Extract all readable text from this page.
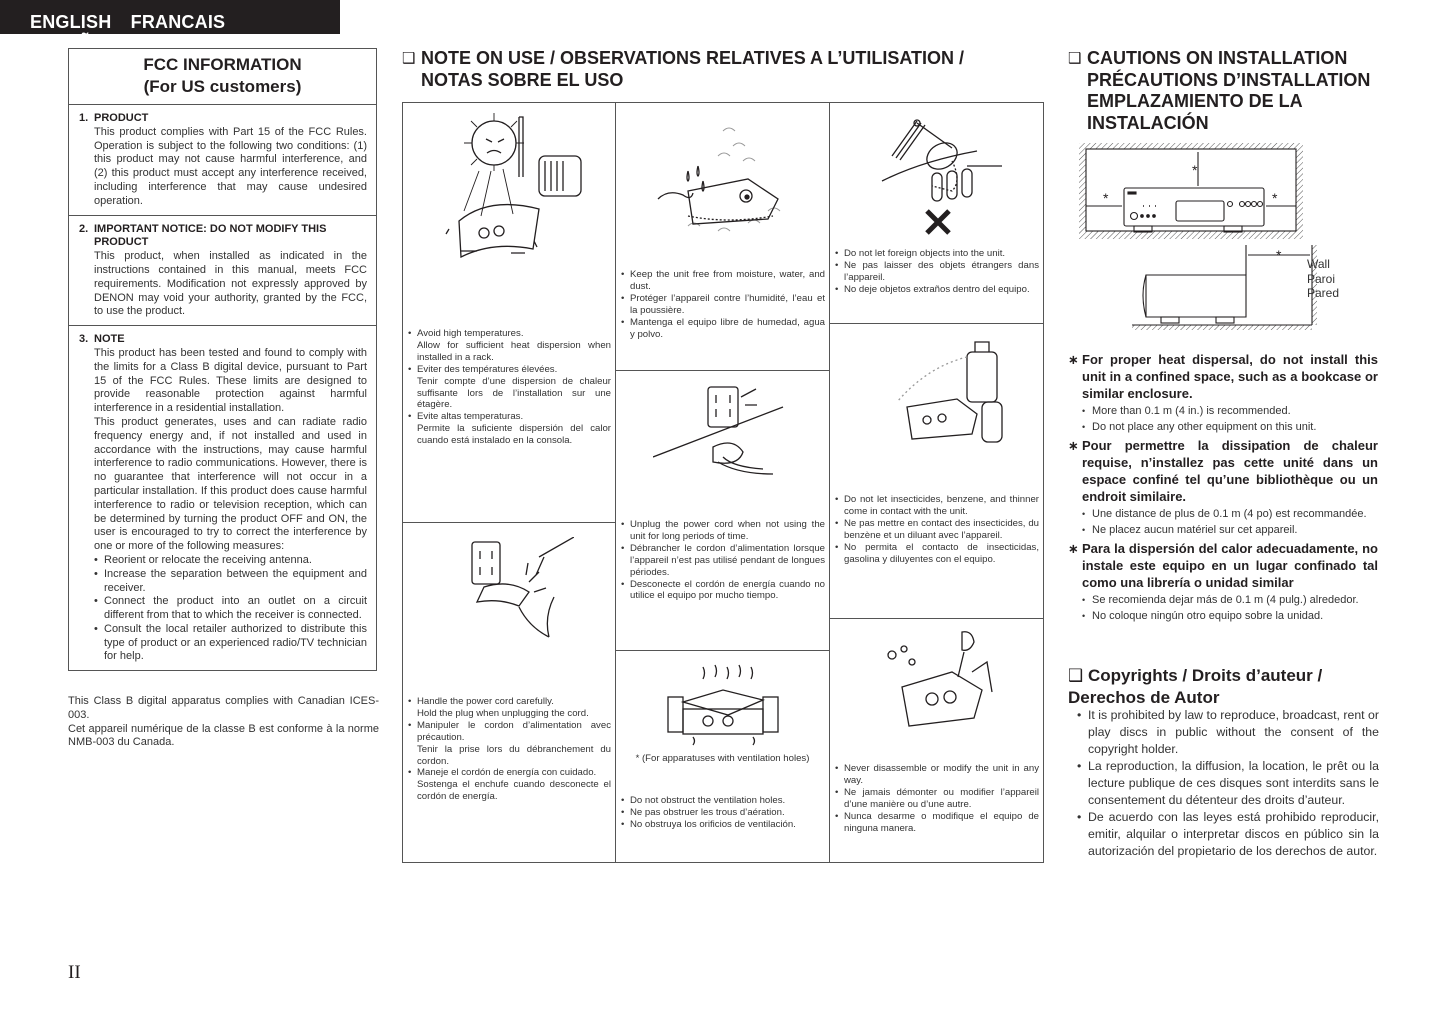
ENGLISH FRANCAIS ESPAÑOL
FCC INFORMATION
(For US customers)
1. PRODUCT
This product complies with Part 15 of the FCC Rules. Operation is subject to the following two conditions: (1) this product may not cause harmful interference, and (2) this product must accept any interference received, including interference that may cause undesired operation.
2. IMPORTANT NOTICE: DO NOT MODIFY THIS PRODUCT
This product, when installed as indicated in the instructions contained in this manual, meets FCC requirements. Modification not expressly approved by DENON may void your authority, granted by the FCC, to use the product.
3. NOTE
This product has been tested and found to comply with the limits for a Class B digital device, pursuant to Part 15 of the FCC Rules. These limits are designed to provide reasonable protection against harmful interference in a residential installation.
This product generates, uses and can radiate radio frequency energy and, if not installed and used in accordance with the instructions, may cause harmful interference to radio communications. However, there is no guarantee that interference will not occur in a particular installation. If this product does cause harmful interference to radio or television reception, which can be determined by turning the product OFF and ON, the user is encouraged to try to correct the interference by one or more of the following measures:
• Reorient or relocate the receiving antenna.
• Increase the separation between the equipment and receiver.
• Connect the product into an outlet on a circuit different from that to which the receiver is connected.
• Consult the local retailer authorized to distribute this type of product or an experienced radio/TV technician for help.
This Class B digital apparatus complies with Canadian ICES-003.
Cet appareil numérique de la classe B est conforme à la norme NMB-003 du Canada.
❑ NOTE ON USE / OBSERVATIONS RELATIVES A L’UTILISATION /
NOTAS SOBRE EL USO
• Avoid high temperatures.
Allow for sufficient heat dispersion when installed in a rack.
• Eviter des températures élevées.
Tenir compte d’une dispersion de chaleur suffisante lors de l’installation sur une étagère.
• Evite altas temperaturas.
Permite la suficiente dispersión del calor cuando está instalado en la consola.
• Handle the power cord carefully.
Hold the plug when unplugging the cord.
• Manipuler le cordon d’alimentation avec précaution.
Tenir la prise lors du débranchement du cordon.
• Maneje el cordón de energía con cuidado.
Sostenga el enchufe cuando desconecte el cordón de energía.
• Keep the unit free from moisture, water, and dust.
• Protéger l’appareil contre l’humidité, l’eau et la poussière.
• Mantenga el equipo libre de humedad, agua y polvo.
• Unplug the power cord when not using the unit for long periods of time.
• Débrancher le cordon d’alimentation lorsque l’appareil n’est pas utilisé pendant de longues périodes.
• Desconecte el cordón de energía cuando no utilice el equipo por mucho tiempo.
* (For apparatuses with ventilation holes)
• Do not obstruct the ventilation holes.
• Ne pas obstruer les trous d’aération.
• No obstruya los orificios de ventilación.
• Do not let foreign objects into the unit.
• Ne pas laisser des objets étrangers dans l’appareil.
• No deje objetos extraños dentro del equipo.
• Do not let insecticides, benzene, and thinner come in contact with the unit.
• Ne pas mettre en contact des insecticides, du benzène et un diluant avec l’appareil.
• No permita el contacto de insecticidas, gasolina y diluyentes con el equipo.
• Never disassemble or modify the unit in any way.
• Ne jamais démonter ou modifier l’appareil d’une manière ou d’une autre.
• Nunca desarme o modifique el equipo de ninguna manera.
❑ CAUTIONS ON INSTALLATION
PRÉCAUTIONS D’INSTALLATION
EMPLAZAMIENTO DE LA
INSTALACIÓN
*
*	*
*
Wall
Paroi
Pared
∗ For proper heat dispersal, do not install this unit in a confined space, such as a bookcase or similar enclosure.
• More than 0.1 m (4 in.) is recommended.
• Do not place any other equipment on this unit.
∗ Pour permettre la dissipation de chaleur requise, n’installez pas cette unité dans un espace confiné tel qu’une bibliothèque ou un endroit similaire.
• Une distance de plus de 0.1 m (4 po) est recommandée.
• Ne placez aucun matériel sur cet appareil.
∗ Para la dispersión del calor adecuadamente, no instale este equipo en un lugar confinado tal como una librería o unidad similar
• Se recomienda dejar más de 0.1 m (4 pulg.) alrededor.
• No coloque ningún otro equipo sobre la unidad.
❑ Copyrights / Droits d’auteur /
Derechos de Autor
• It is prohibited by law to reproduce, broadcast, rent or play discs in public without the consent of the copyright holder.
• La reproduction, la diffusion, la location, le prêt ou la lecture publique de ces disques sont interdits sans le consentement du détenteur des droits d’auteur.
• De acuerdo con las leyes está prohibido reproducir, emitir, alquilar o interpretar discos en público sin la autorización del propietario de los derechos de autor.
II
